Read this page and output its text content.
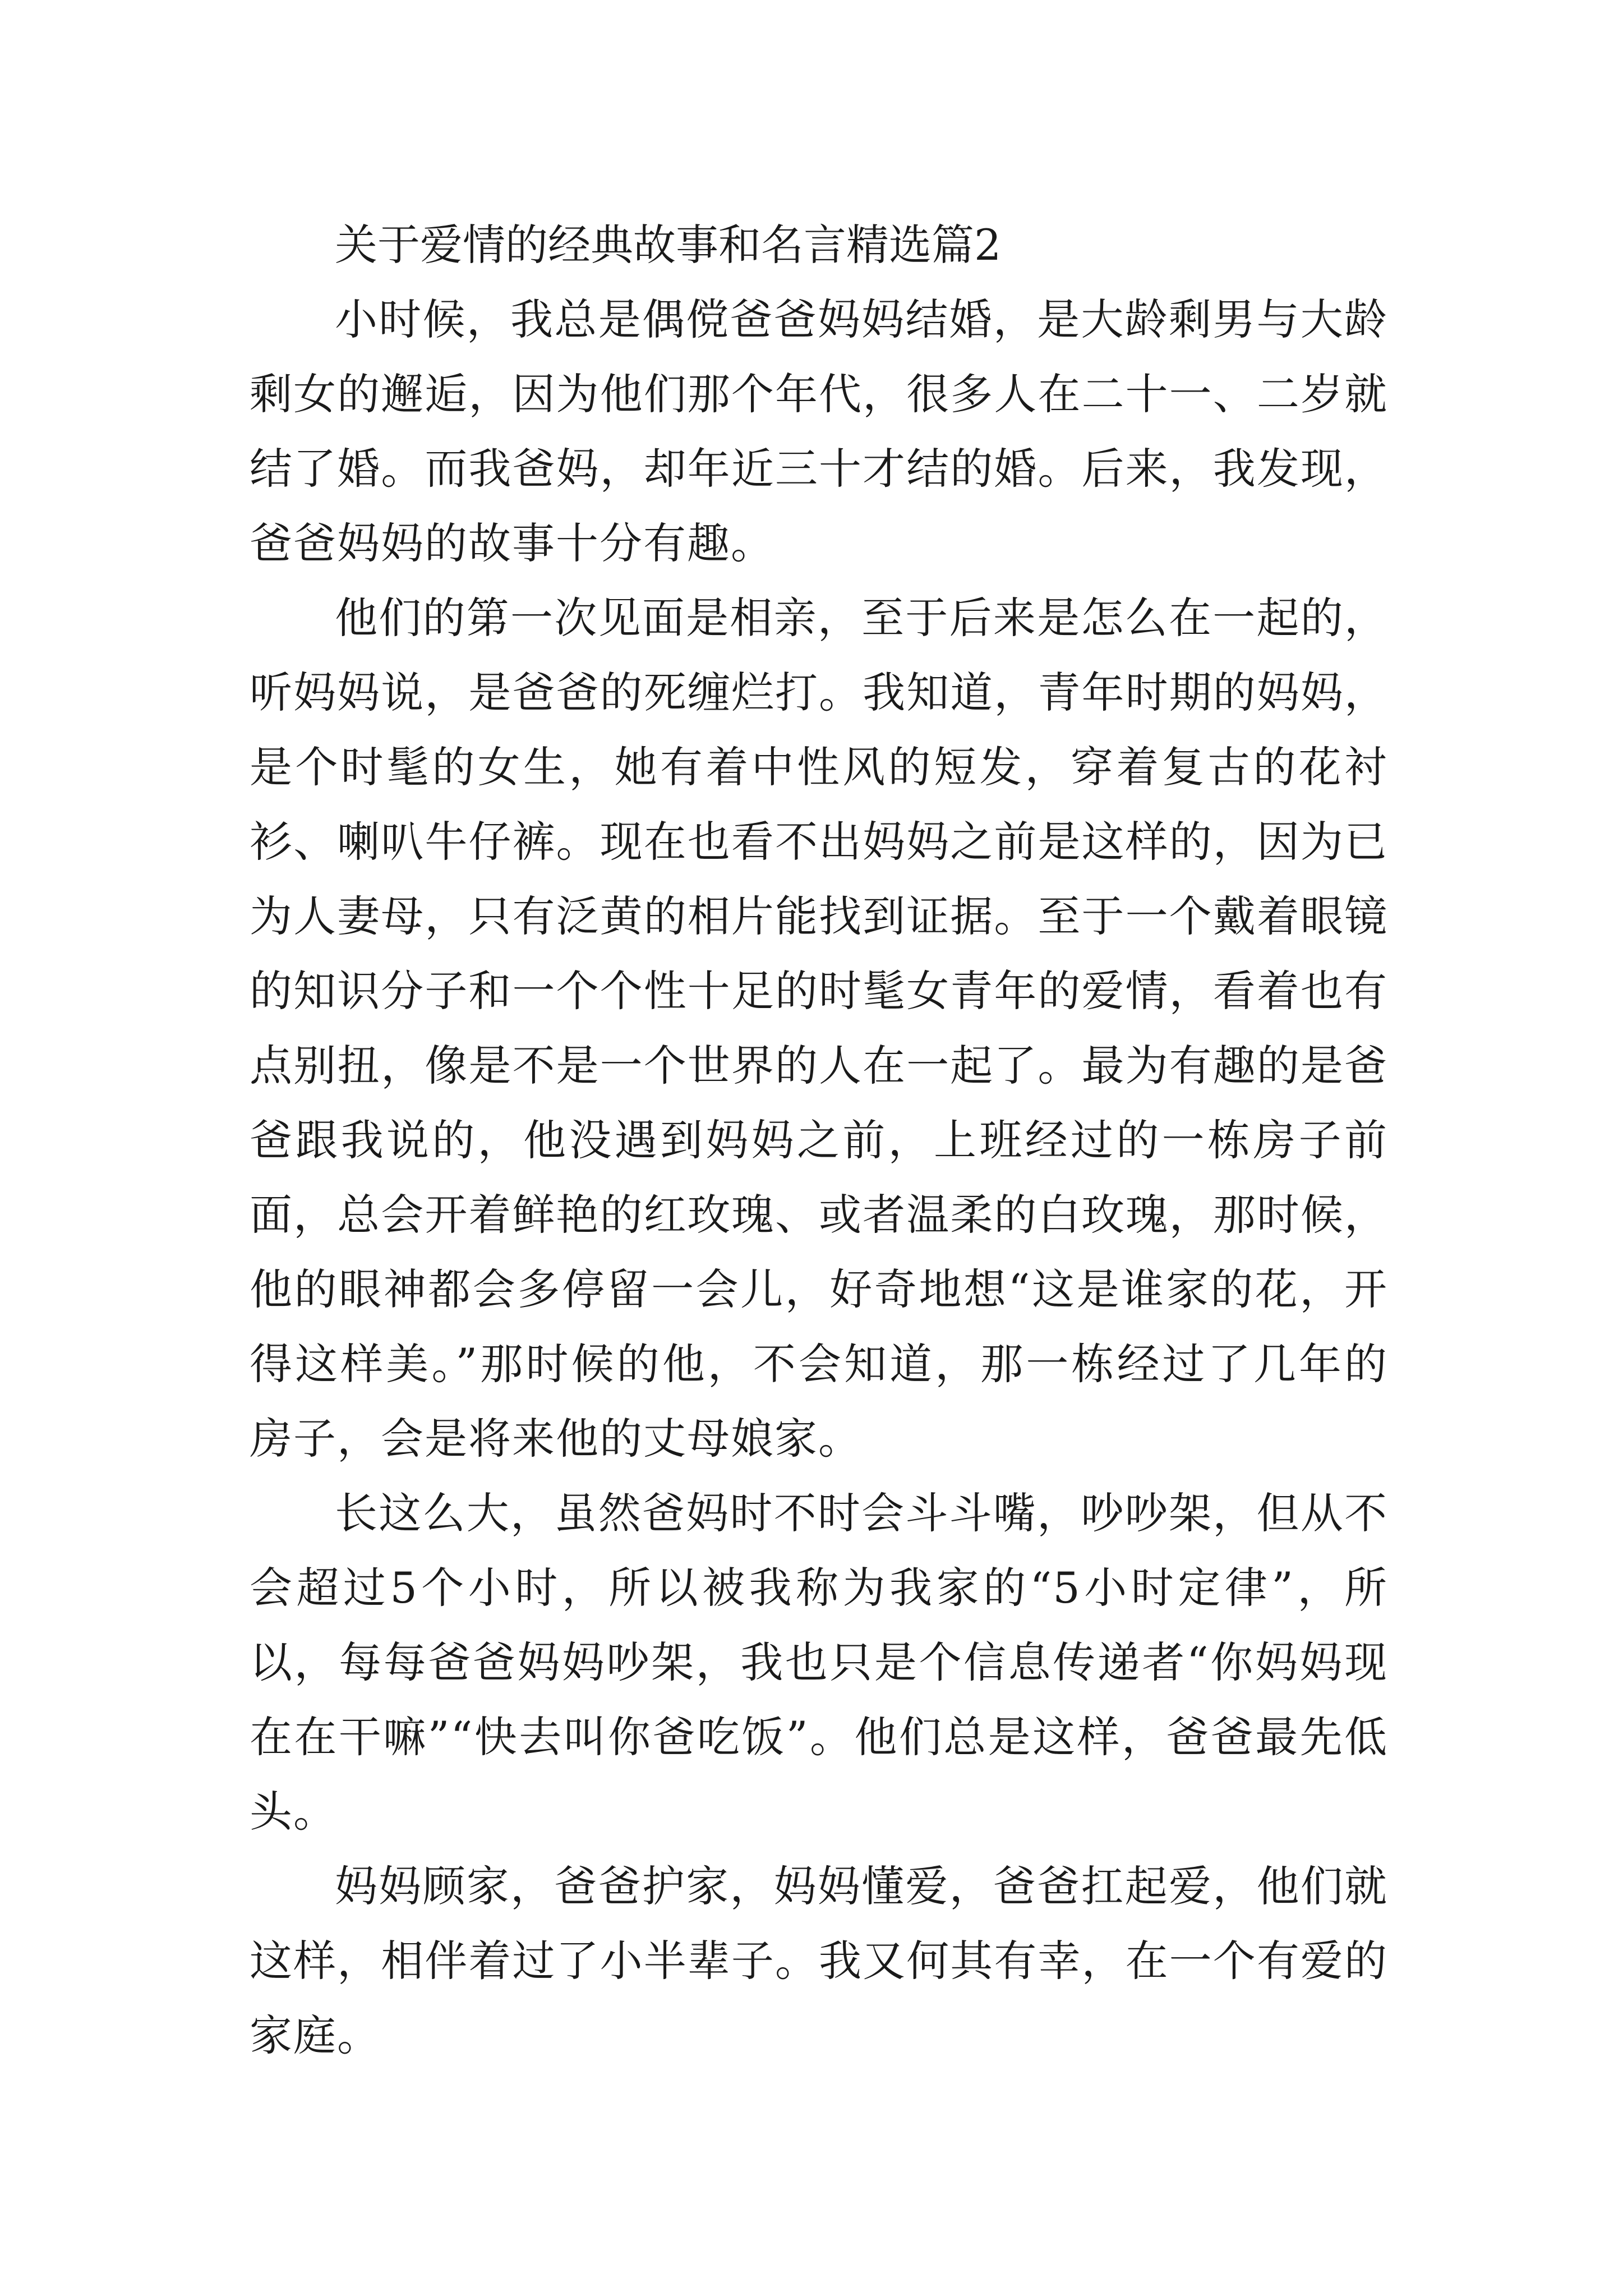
关于爱情的经典故事和名言精选篇2

小时候，我总是偶傥爸爸妈妈结婚，是大龄剩男与大龄剩女的邂逅，因为他们那个年代，很多人在二十一、二岁就结了婚。而我爸妈，却年近三十才结的婚。后来，我发现，爸爸妈妈的故事十分有趣。

他们的第一次见面是相亲，至于后来是怎么在一起的，听妈妈说，是爸爸的死缠烂打。我知道，青年时期的妈妈，是个时髦的女生，她有着中性风的短发，穿着复古的花衬衫、喇叭牛仔裤。现在也看不出妈妈之前是这样的，因为已为人妻母，只有泛黄的相片能找到证据。至于一个戴着眼镜的知识分子和一个个性十足的时髦女青年的爱情，看着也有点别扭，像是不是一个世界的人在一起了。最为有趣的是爸爸跟我说的，他没遇到妈妈之前，上班经过的一栋房子前面，总会开着鲜艳的红玫瑰、或者温柔的白玫瑰，那时候，他的眼神都会多停留一会儿，好奇地想“这是谁家的花，开得这样美。”那时候的他，不会知道，那一栋经过了几年的房子，会是将来他的丈母娘家。

长这么大，虽然爸妈时不时会斗斗嘴，吵吵架，但从不会超过5个小时，所以被我称为我家的“5小时定律”，所以，每每爸爸妈妈吵架，我也只是个信息传递者“你妈妈现在在干嘛”“快去叫你爸吃饭”。他们总是这样，爸爸最先低头。

妈妈顾家，爸爸护家，妈妈懂爱，爸爸扛起爱，他们就这样，相伴着过了小半辈子。我又何其有幸，在一个有爱的家庭。
